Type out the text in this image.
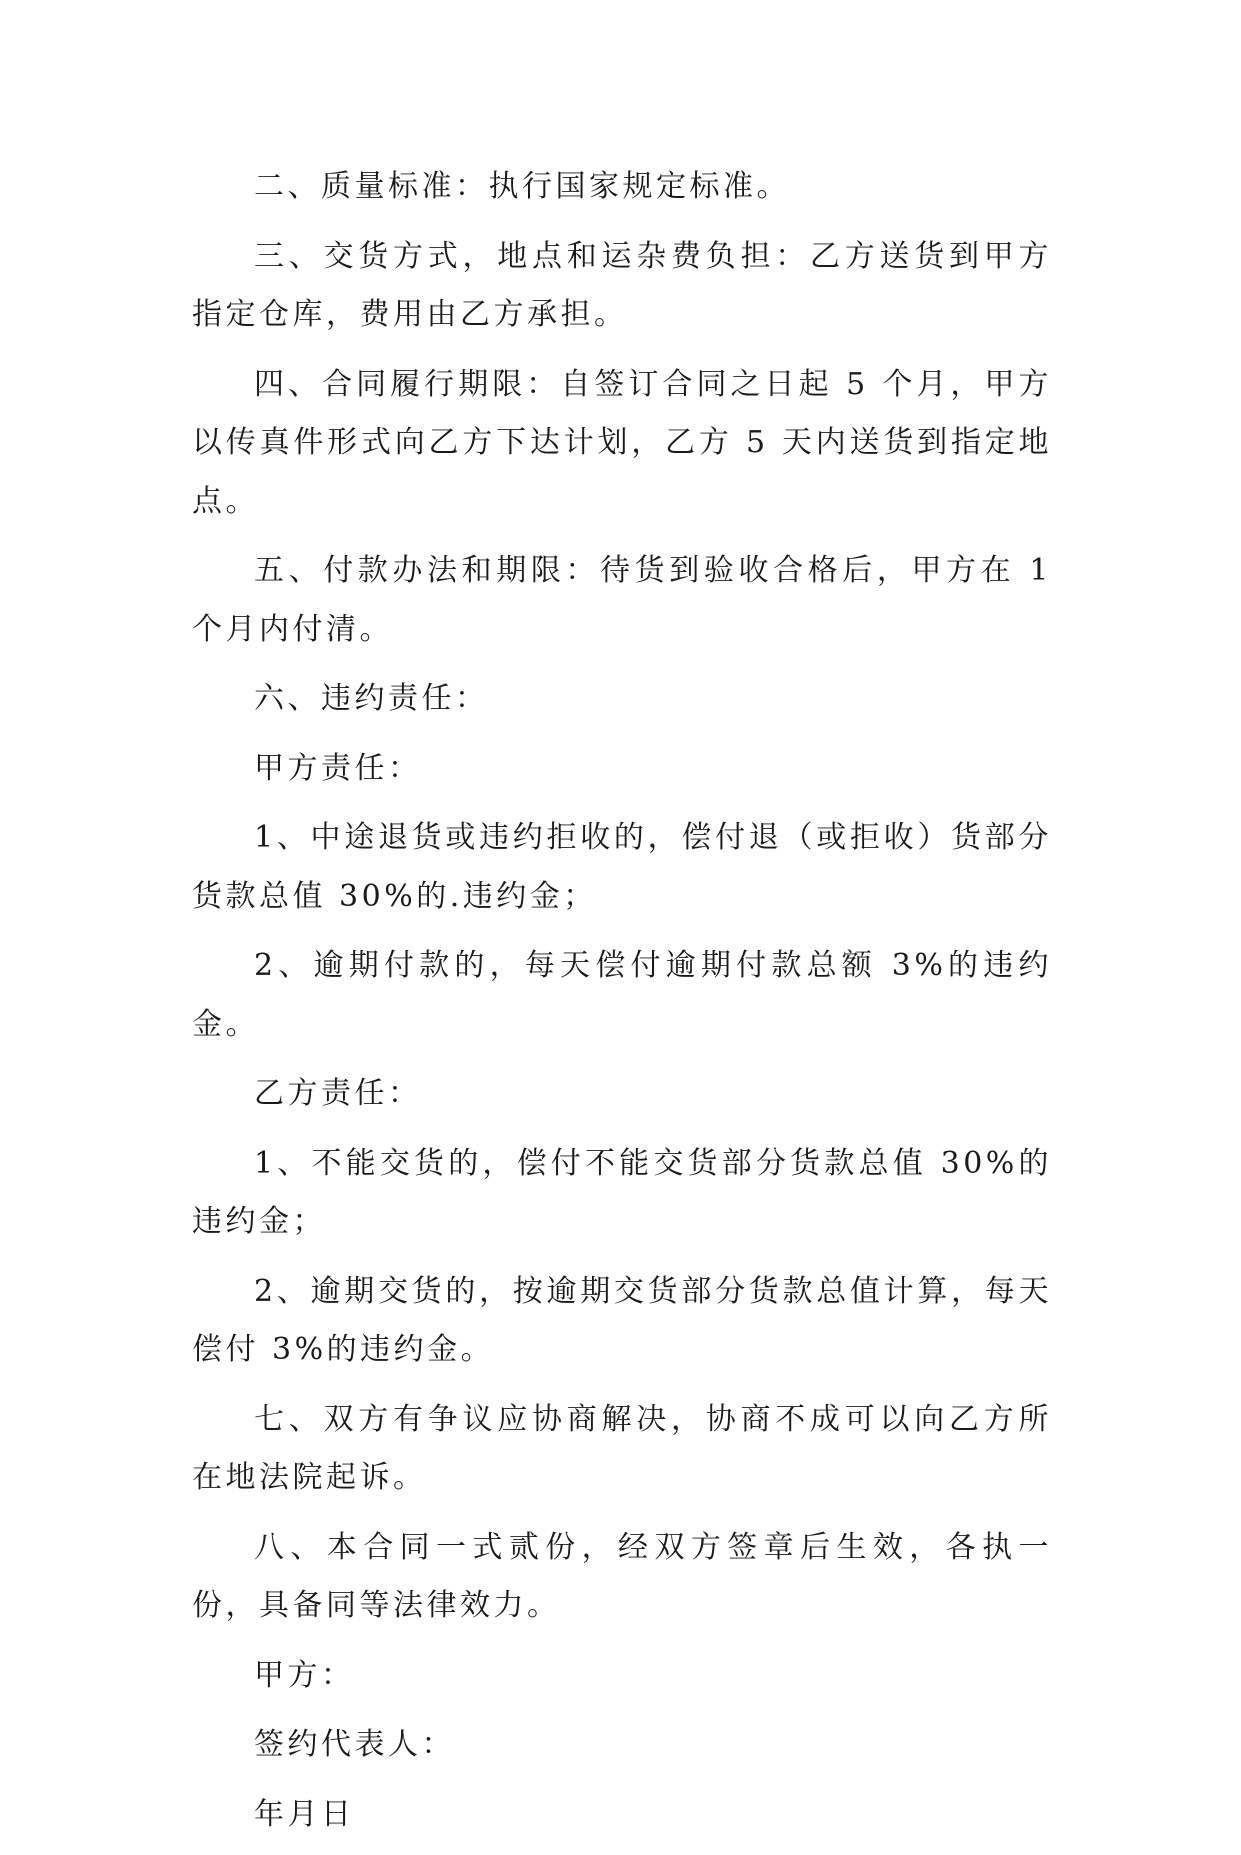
二、质量标准：执行国家规定标准。

三、交货方式，地点和运杂费负担：乙方送货到甲方指定仓库，费用由乙方承担。

四、合同履行期限：自签订合同之日起 5 个月，甲方以传真件形式向乙方下达计划，乙方 5 天内送货到指定地点。

五、付款办法和期限：待货到验收合格后，甲方在 1 个月内付清。

六、违约责任：

甲方责任：

1、中途退货或违约拒收的，偿付退（或拒收）货部分货款总值 30%的.违约金；

2、逾期付款的，每天偿付逾期付款总额 3%的违约金。

乙方责任：

1、不能交货的，偿付不能交货部分货款总值 30%的违约金；

2、逾期交货的，按逾期交货部分货款总值计算，每天偿付 3%的违约金。

七、双方有争议应协商解决，协商不成可以向乙方所在地法院起诉。

八、本合同一式贰份，经双方签章后生效，各执一份，具备同等法律效力。

甲方：

签约代表人：

年月日
